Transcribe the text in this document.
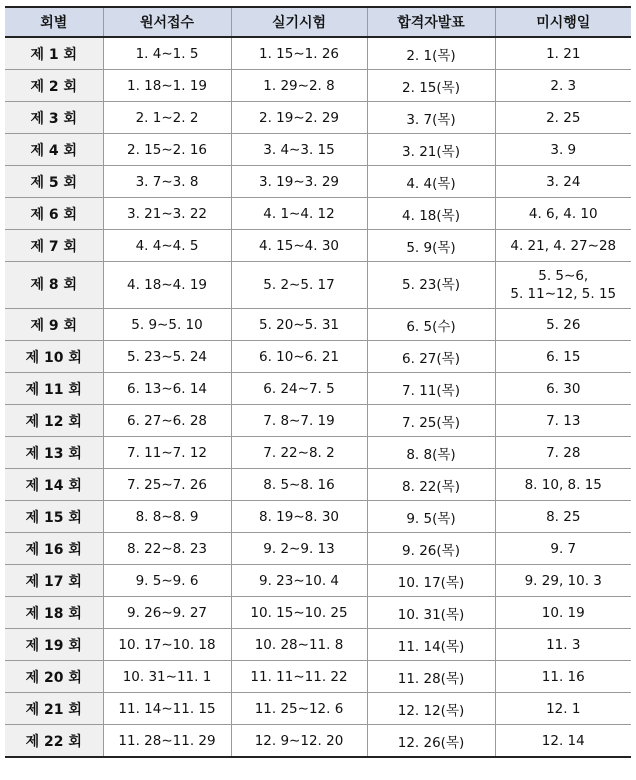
회별	원서접수	실기시험	합격자발표	미시행일
제 1 회	1. 4∼1. 5	1. 15∼1. 26	2. 1(목)	1. 21
제 2 회	1. 18∼1. 19	1. 29∼2. 8	2. 15(목)	2. 3
제 3 회	2. 1∼2. 2	2. 19∼2. 29	3. 7(목)	2. 25
제 4 회	2. 15∼2. 16	3. 4∼3. 15	3. 21(목)	3. 9
제 5 회	3. 7∼3. 8	3. 19∼3. 29	4. 4(목)	3. 24
제 6 회	3. 21∼3. 22	4. 1∼4. 12	4. 18(목)	4. 6, 4. 10
제 7 회	4. 4∼4. 5	4. 15∼4. 30	5. 9(목)	4. 21, 4. 27∼28
제 8 회	4. 18∼4. 19	5. 2∼5. 17	5. 23(목)	5. 5∼6,
5. 11∼12, 5. 15
제 9 회	5. 9∼5. 10	5. 20∼5. 31	6. 5(수)	5. 26
제 10 회	5. 23∼5. 24	6. 10∼6. 21	6. 27(목)	6. 15
제 11 회	6. 13∼6. 14	6. 24∼7. 5	7. 11(목)	6. 30
제 12 회	6. 27∼6. 28	7. 8∼7. 19	7. 25(목)	7. 13
제 13 회	7. 11∼7. 12	7. 22∼8. 2	8. 8(목)	7. 28
제 14 회	7. 25∼7. 26	8. 5∼8. 16	8. 22(목)	8. 10, 8. 15
제 15 회	8. 8∼8. 9	8. 19∼8. 30	9. 5(목)	8. 25
제 16 회	8. 22∼8. 23	9. 2∼9. 13	9. 26(목)	9. 7
제 17 회	9. 5∼9. 6	9. 23∼10. 4	10. 17(목)	9. 29, 10. 3
제 18 회	9. 26∼9. 27	10. 15∼10. 25	10. 31(목)	10. 19
제 19 회	10. 17∼10. 18	10. 28∼11. 8	11. 14(목)	11. 3
제 20 회	10. 31∼11. 1	11. 11∼11. 22	11. 28(목)	11. 16
제 21 회	11. 14∼11. 15	11. 25∼12. 6	12. 12(목)	12. 1
제 22 회	11. 28∼11. 29	12. 9∼12. 20	12. 26(목)	12. 14
